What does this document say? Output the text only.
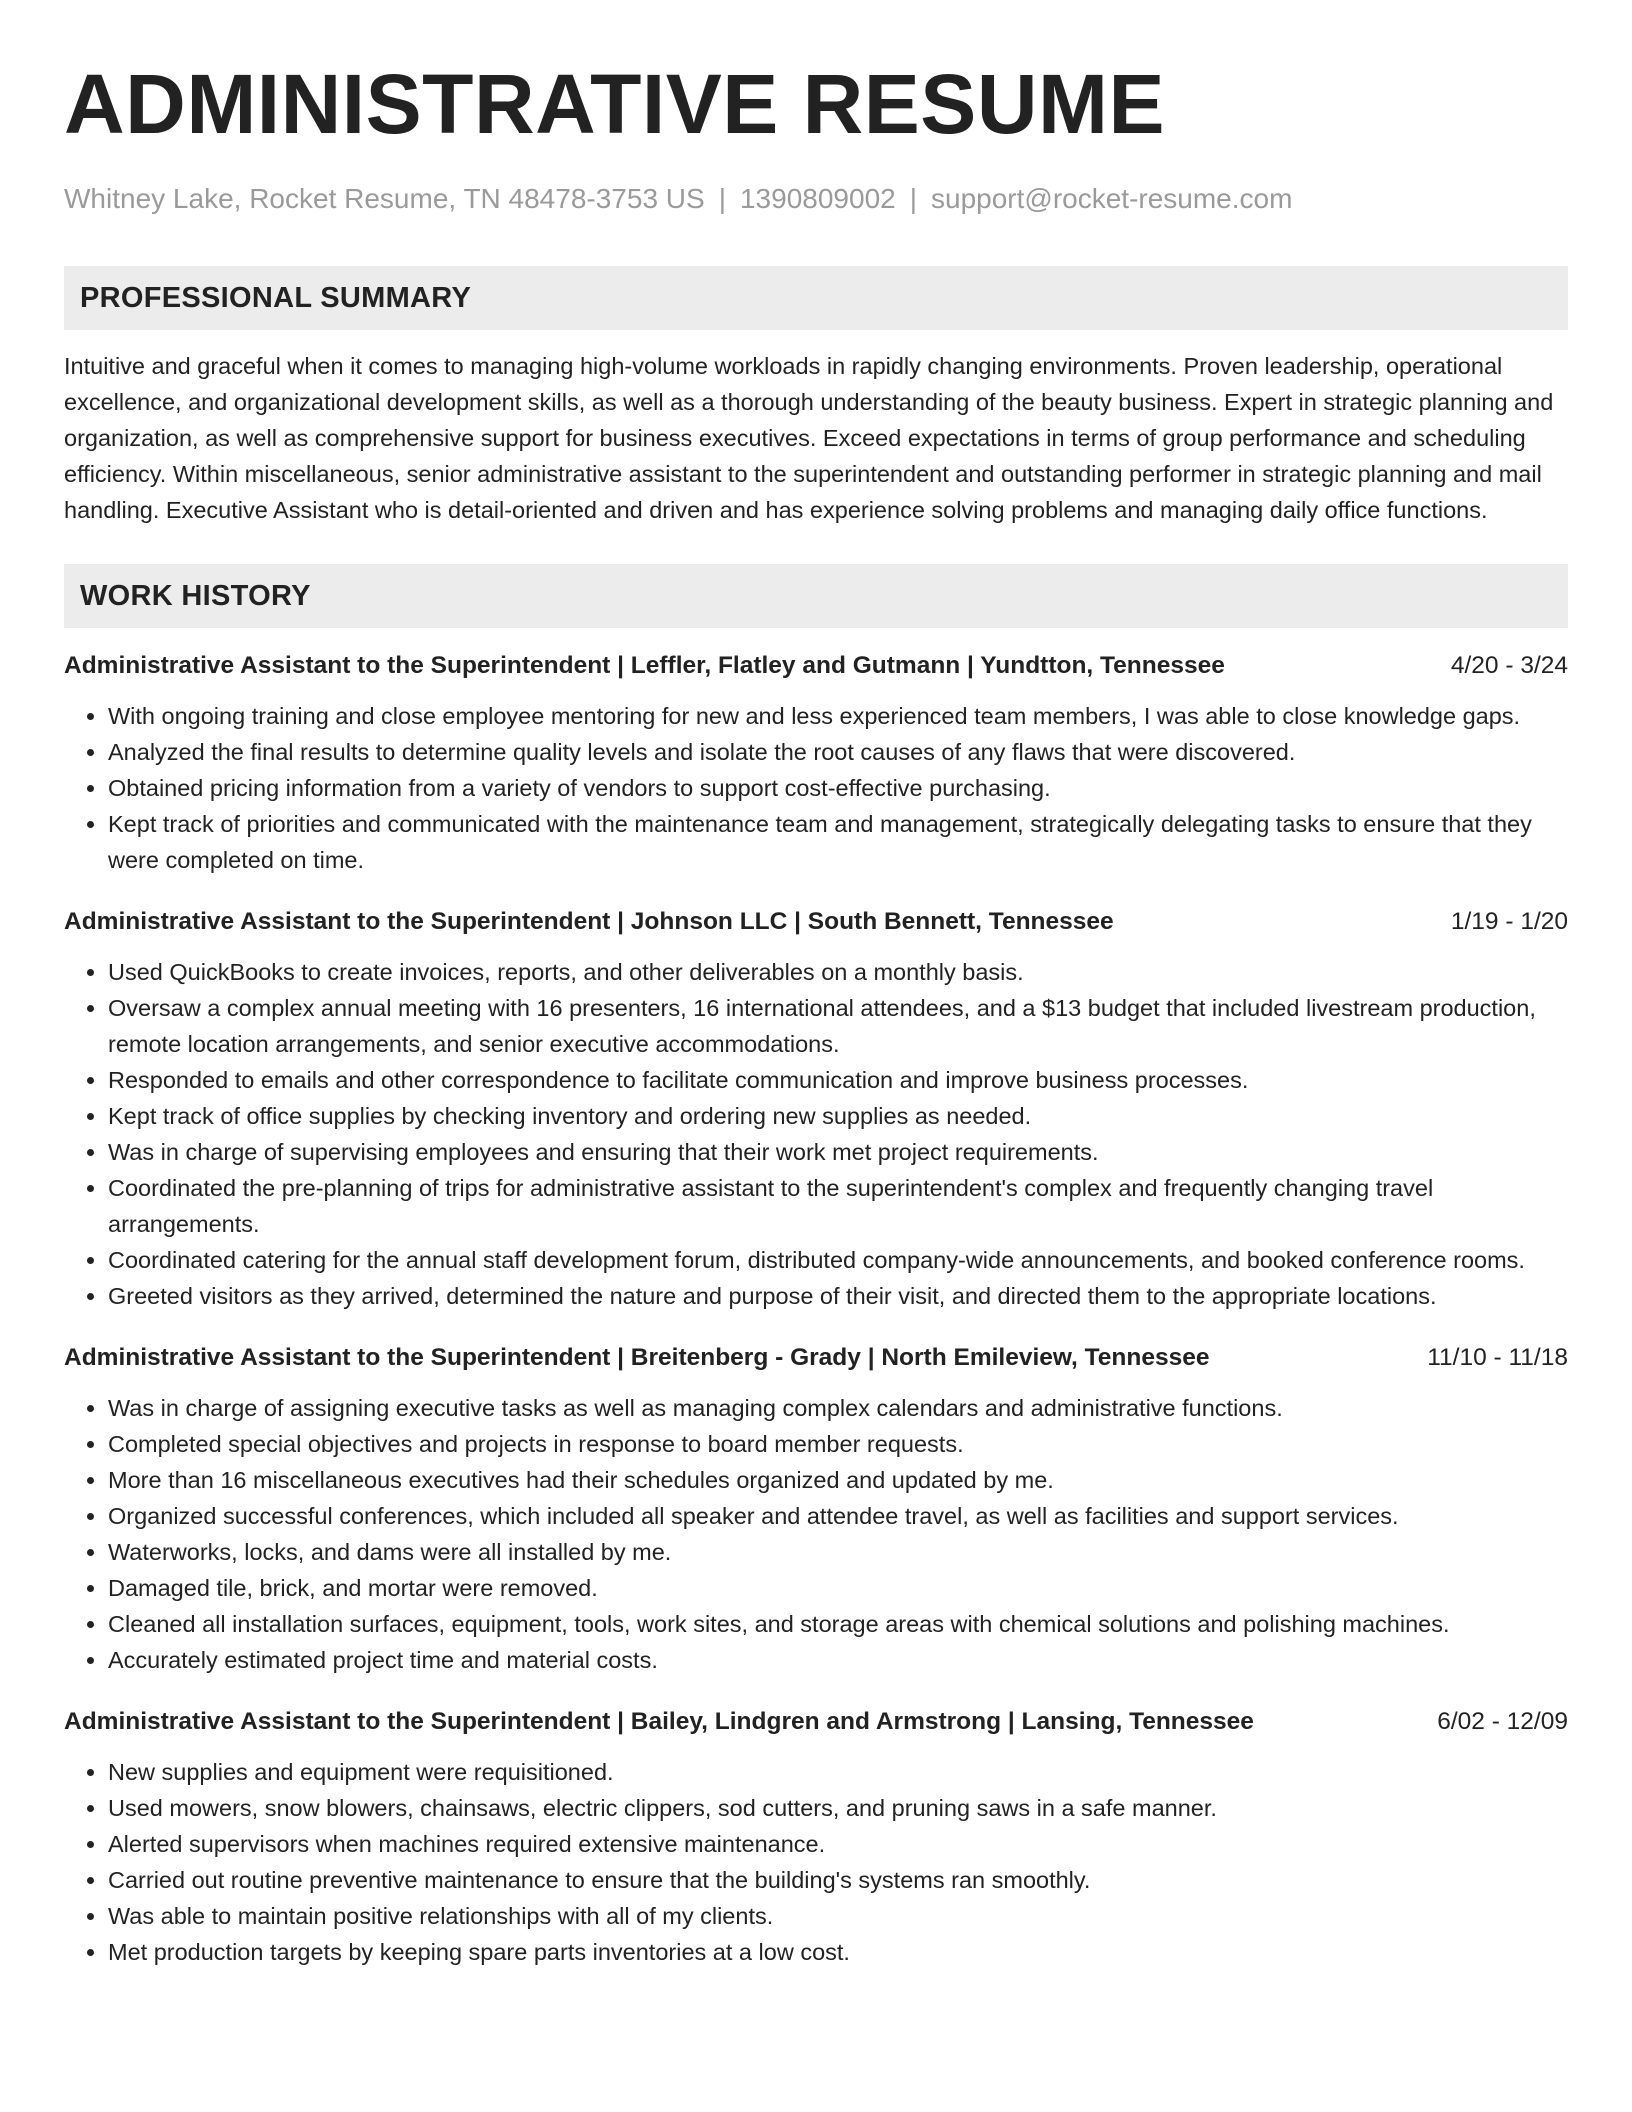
ADMINISTRATIVE RESUME
Whitney Lake, Rocket Resume, TN 48478-3753 US | 1390809002 | support@rocket-resume.com
PROFESSIONAL SUMMARY

Intuitive and graceful when it comes to managing high-volume workloads in rapidly changing environments. Proven leadership, operational excellence, and organizational development skills, as well as a thorough understanding of the beauty business. Expert in strategic planning and organization, as well as comprehensive support for business executives. Exceed expectations in terms of group performance and scheduling efficiency. Within miscellaneous, senior administrative assistant to the superintendent and outstanding performer in strategic planning and mail handling. Executive Assistant who is detail-oriented and driven and has experience solving problems and managing daily office functions.

WORK HISTORY
Administrative Assistant to the Superintendent | Leffler, Flatley and Gutmann | Yundtton, Tennessee	4/20 - 3/24
• With ongoing training and close employee mentoring for new and less experienced team members, I was able to close knowledge gaps.
• Analyzed the final results to determine quality levels and isolate the root causes of any flaws that were discovered.
• Obtained pricing information from a variety of vendors to support cost-effective purchasing.
• Kept track of priorities and communicated with the maintenance team and management, strategically delegating tasks to ensure that they were completed on time.
Administrative Assistant to the Superintendent | Johnson LLC | South Bennett, Tennessee	1/19 - 1/20
• Used QuickBooks to create invoices, reports, and other deliverables on a monthly basis.
• Oversaw a complex annual meeting with 16 presenters, 16 international attendees, and a $13 budget that included livestream production, remote location arrangements, and senior executive accommodations.
• Responded to emails and other correspondence to facilitate communication and improve business processes.
• Kept track of office supplies by checking inventory and ordering new supplies as needed.
• Was in charge of supervising employees and ensuring that their work met project requirements.
• Coordinated the pre-planning of trips for administrative assistant to the superintendent's complex and frequently changing travel arrangements.
• Coordinated catering for the annual staff development forum, distributed company-wide announcements, and booked conference rooms.
• Greeted visitors as they arrived, determined the nature and purpose of their visit, and directed them to the appropriate locations.
Administrative Assistant to the Superintendent | Breitenberg - Grady | North Emileview, Tennessee	11/10 - 11/18
• Was in charge of assigning executive tasks as well as managing complex calendars and administrative functions.
• Completed special objectives and projects in response to board member requests.
• More than 16 miscellaneous executives had their schedules organized and updated by me.
• Organized successful conferences, which included all speaker and attendee travel, as well as facilities and support services.
• Waterworks, locks, and dams were all installed by me.
• Damaged tile, brick, and mortar were removed.
• Cleaned all installation surfaces, equipment, tools, work sites, and storage areas with chemical solutions and polishing machines.
• Accurately estimated project time and material costs.
Administrative Assistant to the Superintendent | Bailey, Lindgren and Armstrong | Lansing, Tennessee	6/02 - 12/09
• New supplies and equipment were requisitioned.
• Used mowers, snow blowers, chainsaws, electric clippers, sod cutters, and pruning saws in a safe manner.
• Alerted supervisors when machines required extensive maintenance.
• Carried out routine preventive maintenance to ensure that the building's systems ran smoothly.
• Was able to maintain positive relationships with all of my clients.
• Met production targets by keeping spare parts inventories at a low cost.
